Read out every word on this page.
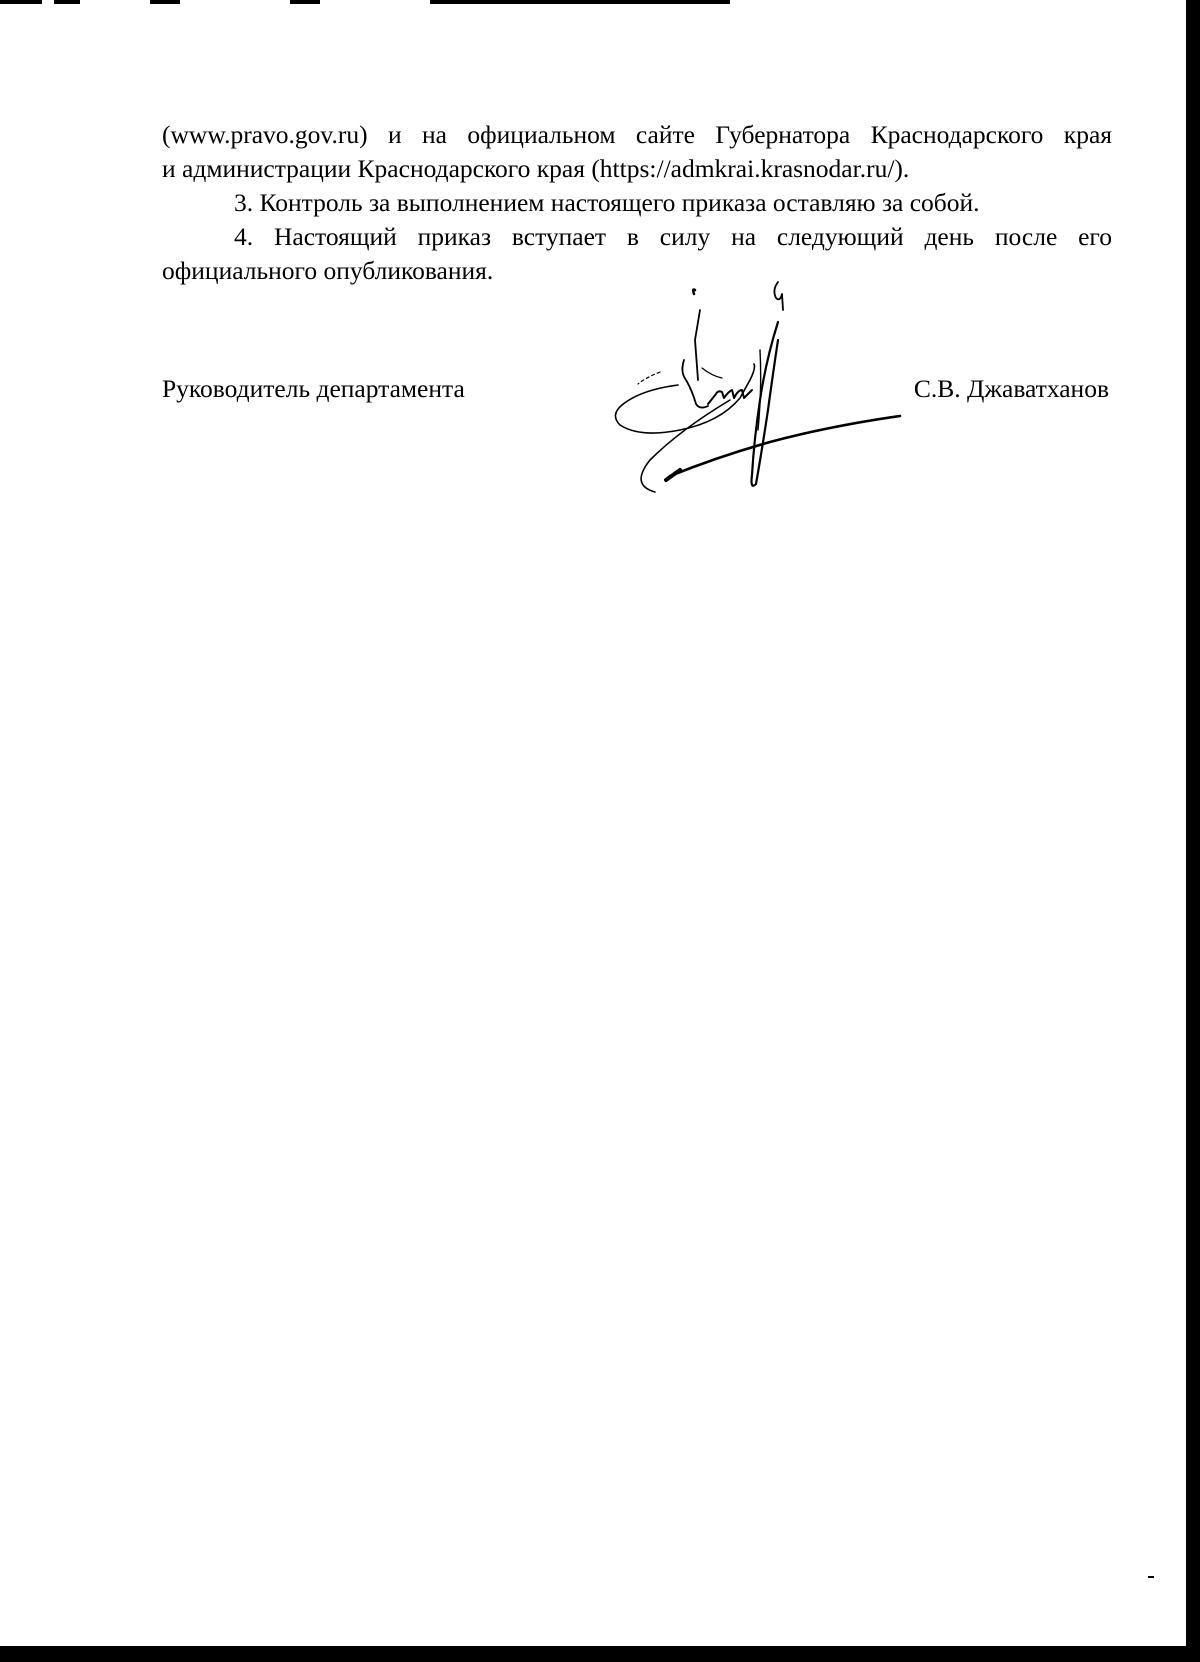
(www.pravo.gov.ru) и на официальном сайте Губернатора Краснодарского края
и администрации Краснодарского края (https://admkrai.krasnodar.ru/).

3. Контроль за выполнением настоящего приказа оставляю за собой.

4. Настоящий приказ вступает в силу на следующий день после его
официального опубликования.

Руководитель департамента	С.В. Джаватханов
